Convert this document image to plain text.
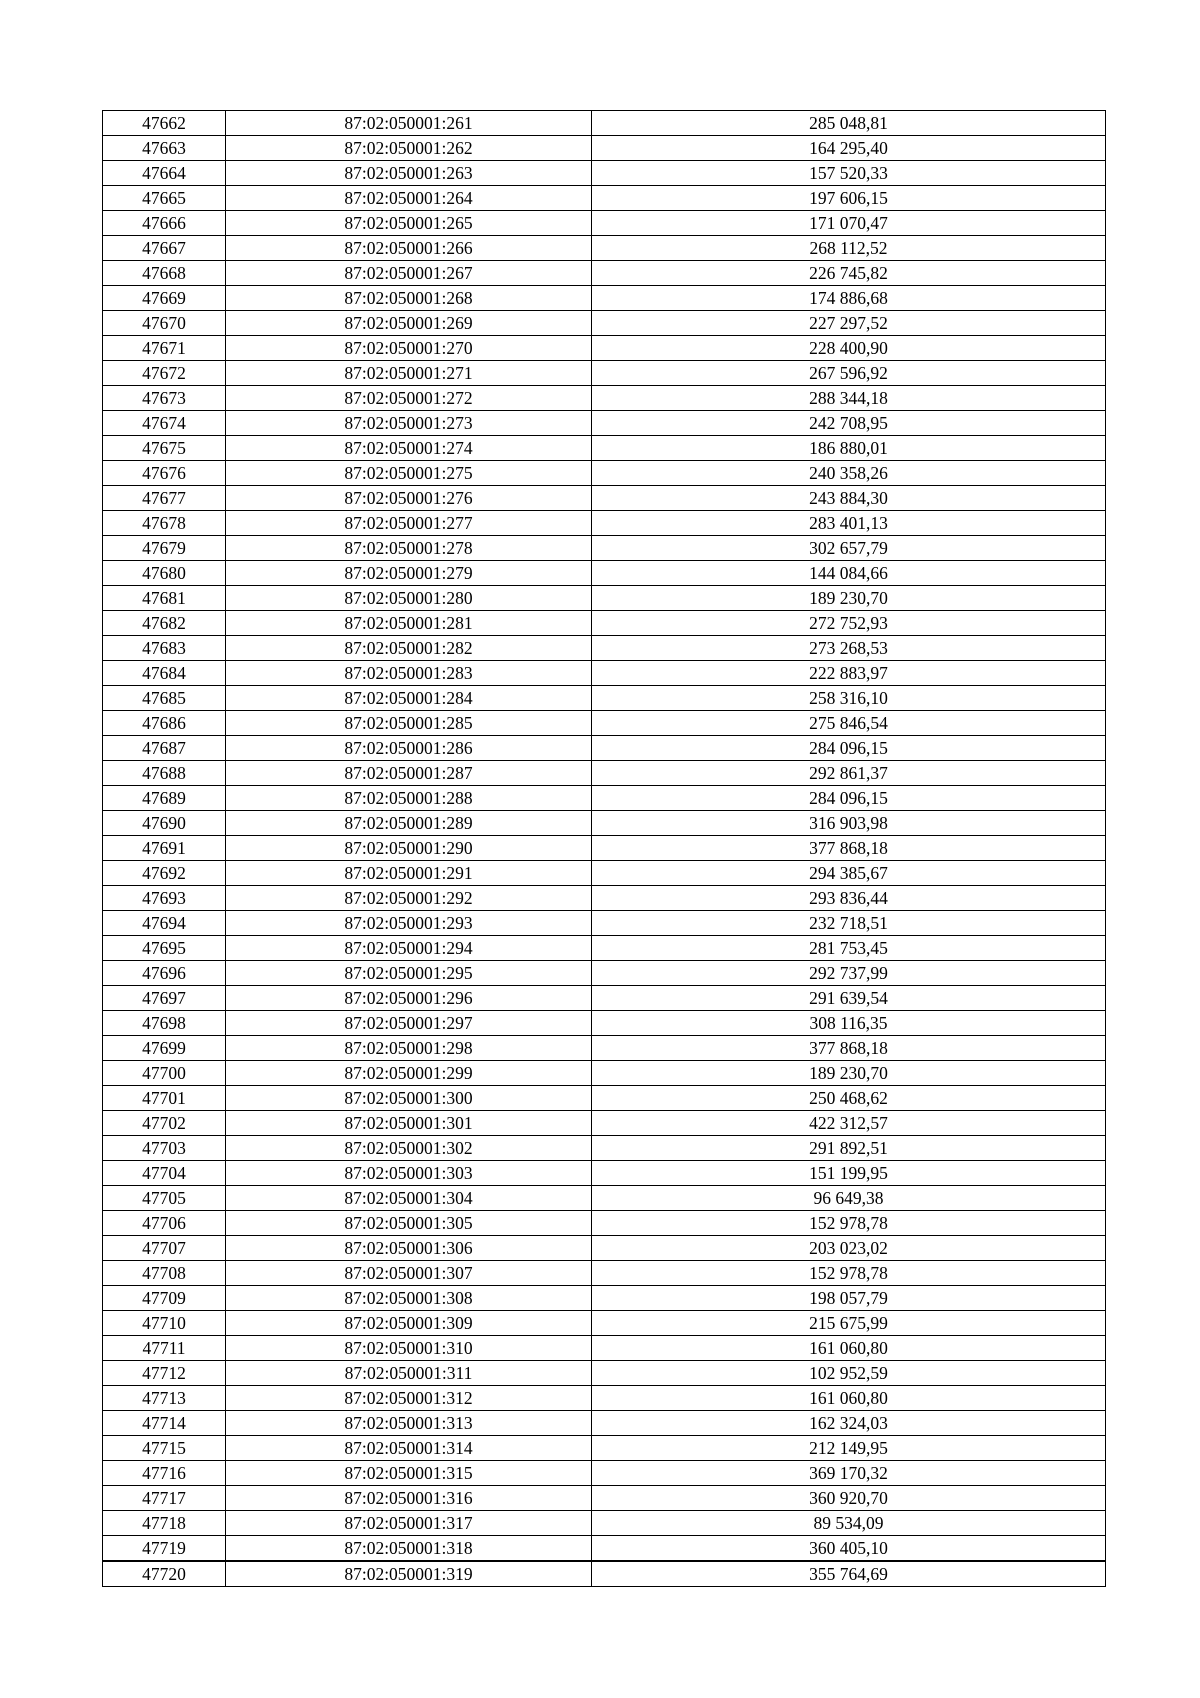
47662	87:02:050001:261	285 048,81
47663	87:02:050001:262	164 295,40
47664	87:02:050001:263	157 520,33
47665	87:02:050001:264	197 606,15
47666	87:02:050001:265	171 070,47
47667	87:02:050001:266	268 112,52
47668	87:02:050001:267	226 745,82
47669	87:02:050001:268	174 886,68
47670	87:02:050001:269	227 297,52
47671	87:02:050001:270	228 400,90
47672	87:02:050001:271	267 596,92
47673	87:02:050001:272	288 344,18
47674	87:02:050001:273	242 708,95
47675	87:02:050001:274	186 880,01
47676	87:02:050001:275	240 358,26
47677	87:02:050001:276	243 884,30
47678	87:02:050001:277	283 401,13
47679	87:02:050001:278	302 657,79
47680	87:02:050001:279	144 084,66
47681	87:02:050001:280	189 230,70
47682	87:02:050001:281	272 752,93
47683	87:02:050001:282	273 268,53
47684	87:02:050001:283	222 883,97
47685	87:02:050001:284	258 316,10
47686	87:02:050001:285	275 846,54
47687	87:02:050001:286	284 096,15
47688	87:02:050001:287	292 861,37
47689	87:02:050001:288	284 096,15
47690	87:02:050001:289	316 903,98
47691	87:02:050001:290	377 868,18
47692	87:02:050001:291	294 385,67
47693	87:02:050001:292	293 836,44
47694	87:02:050001:293	232 718,51
47695	87:02:050001:294	281 753,45
47696	87:02:050001:295	292 737,99
47697	87:02:050001:296	291 639,54
47698	87:02:050001:297	308 116,35
47699	87:02:050001:298	377 868,18
47700	87:02:050001:299	189 230,70
47701	87:02:050001:300	250 468,62
47702	87:02:050001:301	422 312,57
47703	87:02:050001:302	291 892,51
47704	87:02:050001:303	151 199,95
47705	87:02:050001:304	96 649,38
47706	87:02:050001:305	152 978,78
47707	87:02:050001:306	203 023,02
47708	87:02:050001:307	152 978,78
47709	87:02:050001:308	198 057,79
47710	87:02:050001:309	215 675,99
47711	87:02:050001:310	161 060,80
47712	87:02:050001:311	102 952,59
47713	87:02:050001:312	161 060,80
47714	87:02:050001:313	162 324,03
47715	87:02:050001:314	212 149,95
47716	87:02:050001:315	369 170,32
47717	87:02:050001:316	360 920,70
47718	87:02:050001:317	89 534,09
47719	87:02:050001:318	360 405,10
47720	87:02:050001:319	355 764,69
